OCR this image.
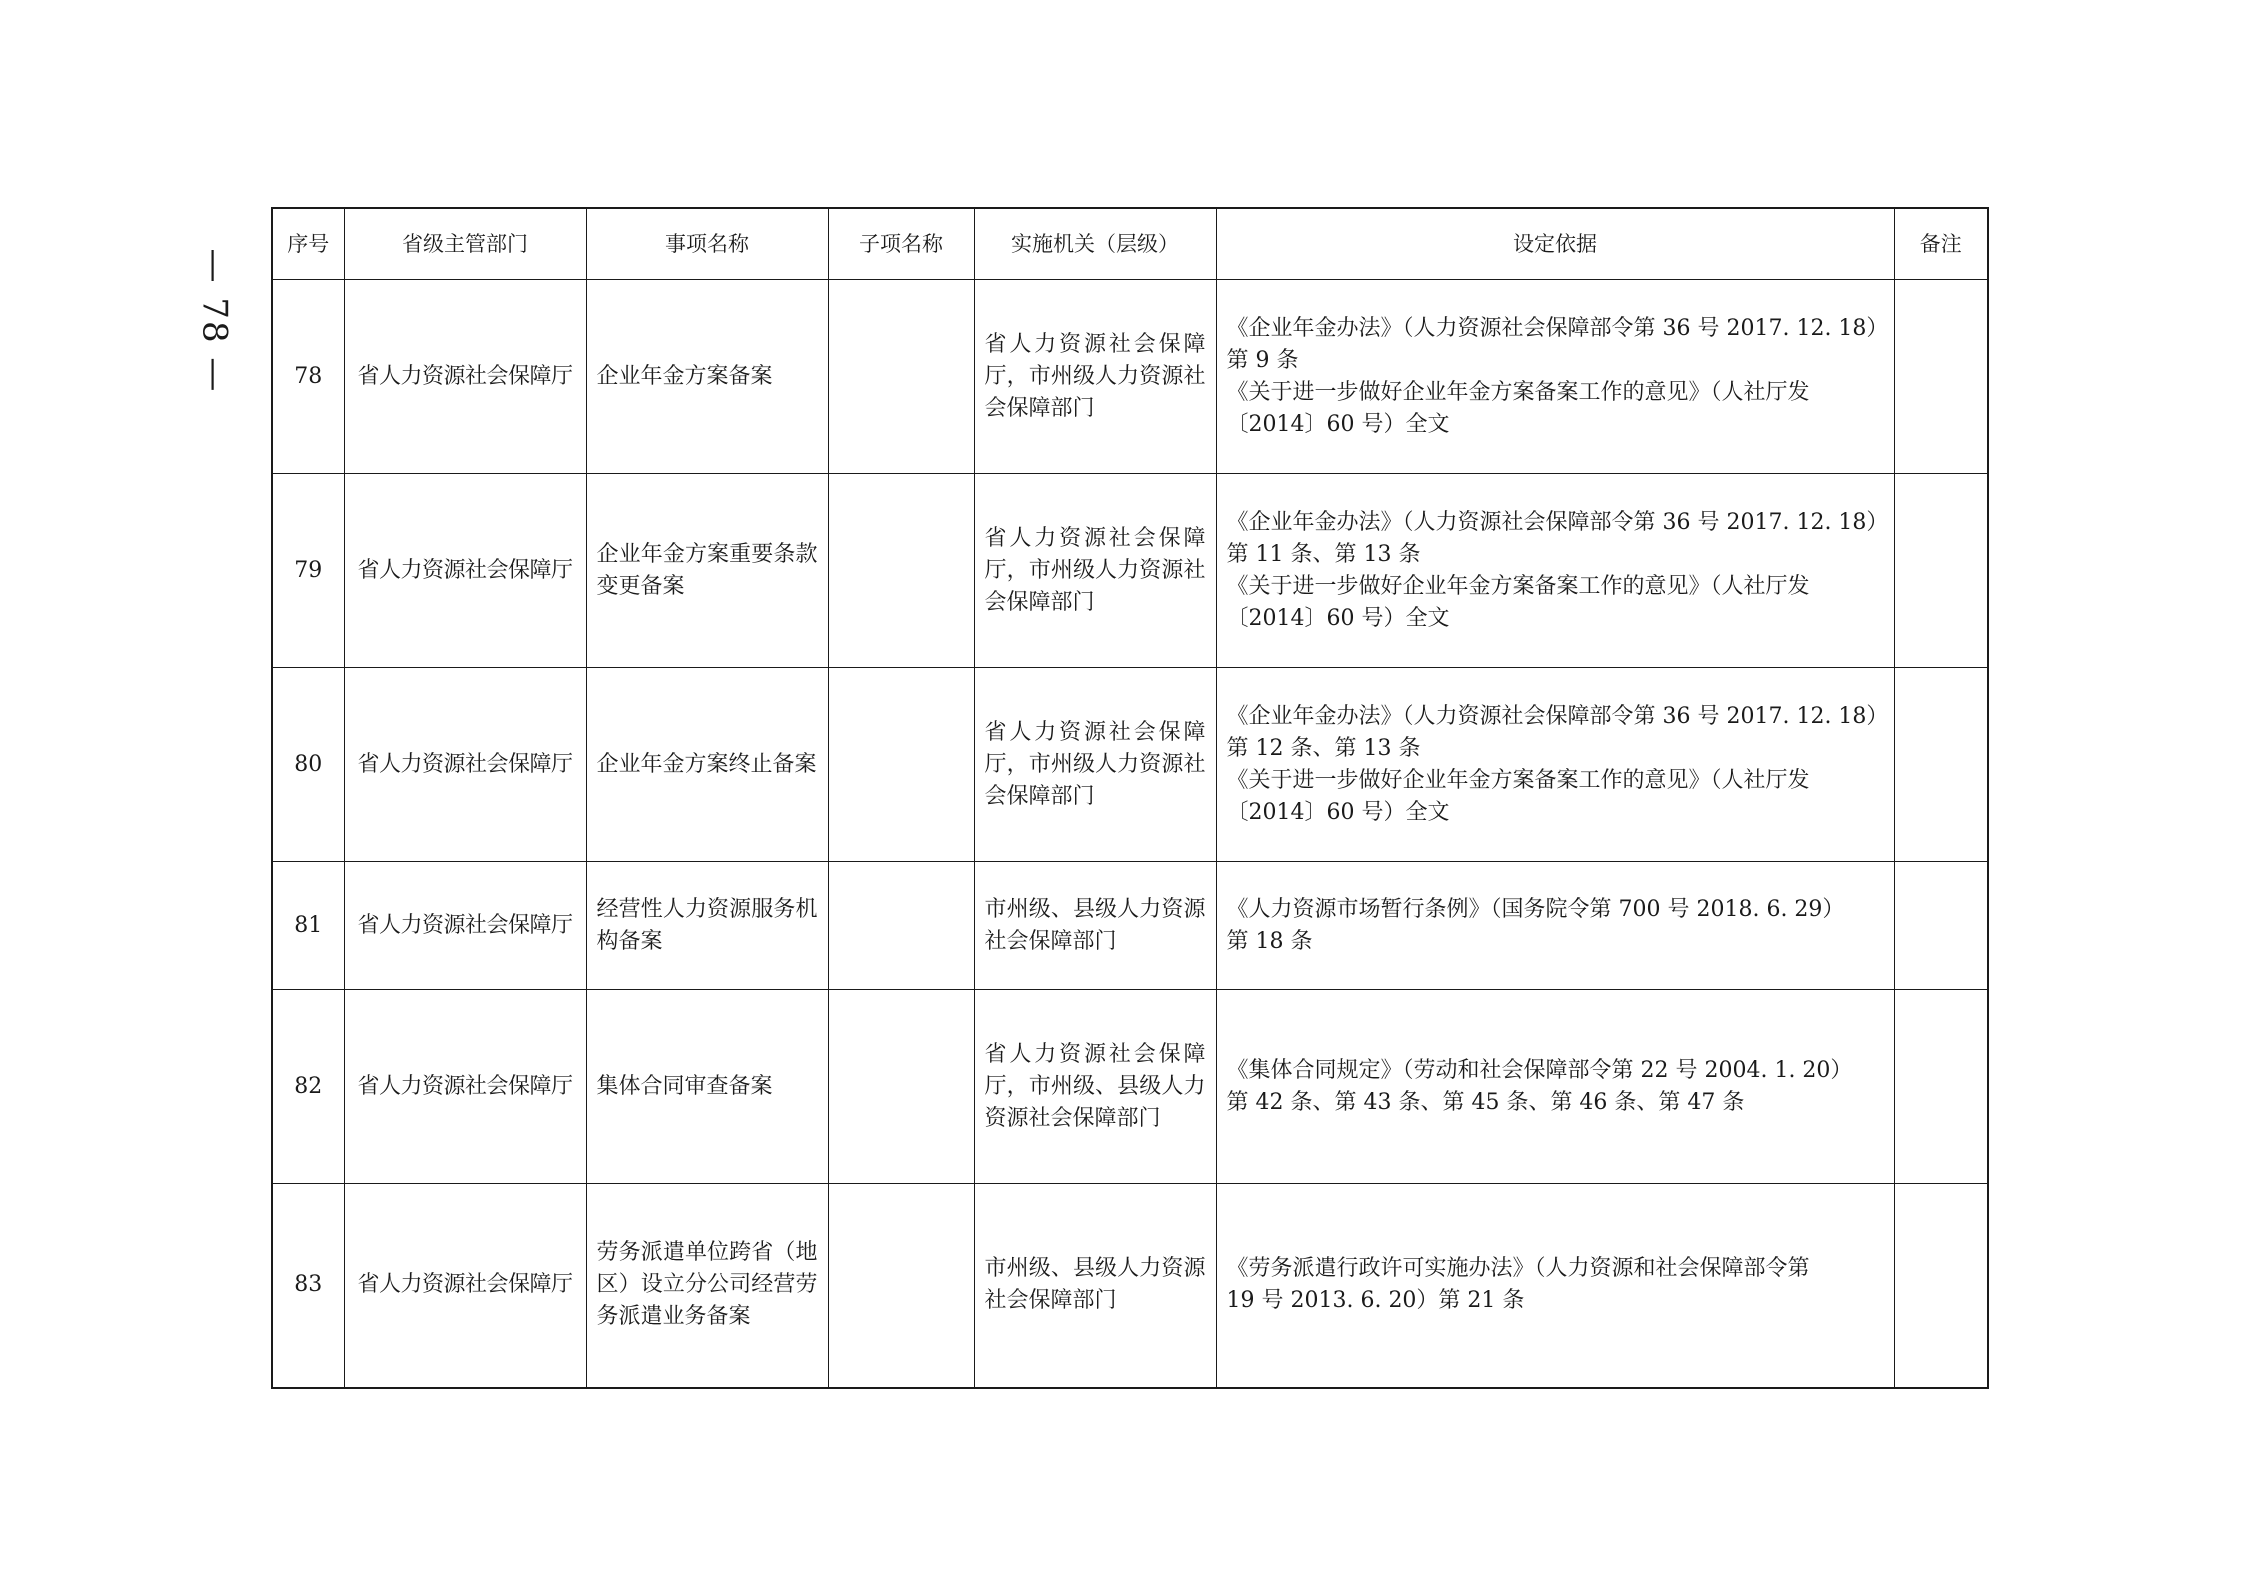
— 78 —
序号	省级主管部门	事项名称	子项名称	实施机关（层级）	设定依据	备注
78	省人力资源社会保障厅	企业年金方案备案		省人力资源社会保障厅，市州级人力资源社会保障部门	《企业年金办法》（人力资源社会保障部令第 36 号 2017. 12. 18）
第 9 条
《关于进一步做好企业年金方案备案工作的意见》（人社厅发
〔2014〕60 号）全文	

79	省人力资源社会保障厅	企业年金方案重要条款变更备案		省人力资源社会保障厅，市州级人力资源社会保障部门	《企业年金办法》（人力资源社会保障部令第 36 号 2017. 12. 18）
第 11 条、第 13 条
《关于进一步做好企业年金方案备案工作的意见》（人社厅发
〔2014〕60 号）全文	

80	省人力资源社会保障厅	企业年金方案终止备案		省人力资源社会保障厅，市州级人力资源社会保障部门	《企业年金办法》（人力资源社会保障部令第 36 号 2017. 12. 18）
第 12 条、第 13 条
《关于进一步做好企业年金方案备案工作的意见》（人社厅发
〔2014〕60 号）全文	

81	省人力资源社会保障厅	经营性人力资源服务机构备案		市州级、县级人力资源社会保障部门	《人力资源市场暂行条例》（国务院令第 700 号 2018. 6. 29）
第 18 条	

82	省人力资源社会保障厅	集体合同审查备案		省人力资源社会保障厅，市州级、县级人力资源社会保障部门	《集体合同规定》（劳动和社会保障部令第 22 号 2004. 1. 20）
第 42 条、第 43 条、第 45 条、第 46 条、第 47 条	

83	省人力资源社会保障厅	劳务派遣单位跨省（地区）设立分公司经营劳务派遣业务备案		市州级、县级人力资源社会保障部门	《劳务派遣行政许可实施办法》（人力资源和社会保障部令第
19 号 2013. 6. 20）第 21 条	
